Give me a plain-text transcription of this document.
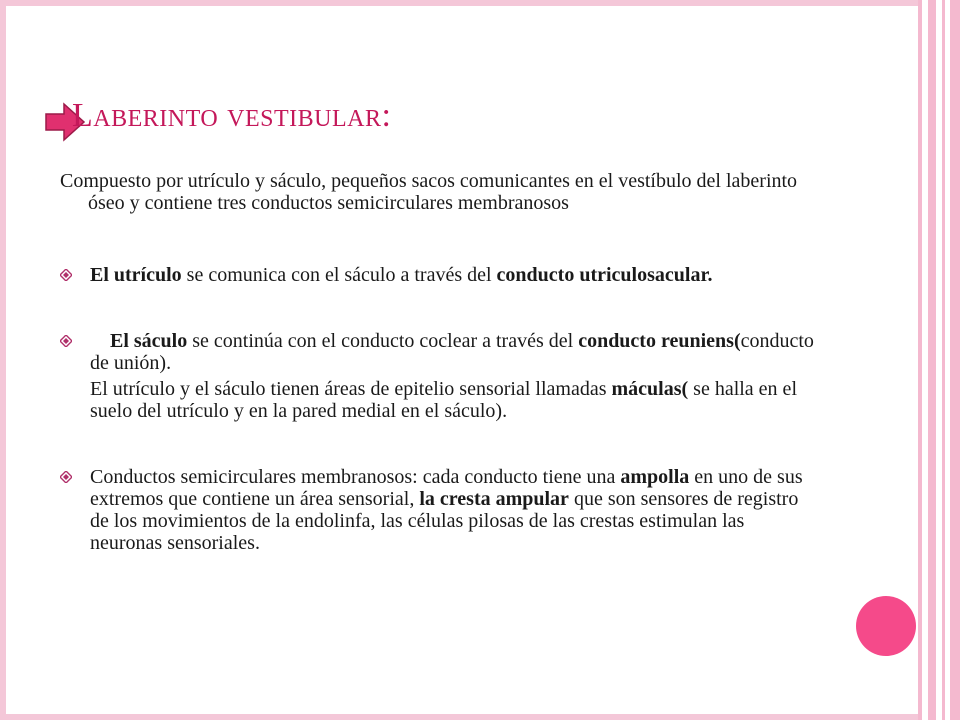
Laberinto vestibular:

Compuesto por utrículo y sáculo, pequeños sacos comunicantes en el vestíbulo del laberinto óseo y contiene tres conductos semicirculares membranosos

El utrículo se comunica con el sáculo a través del conducto utriculosacular.

El sáculo se continúa con el conducto coclear a través del conducto reuniens(conducto de unión).

El utrículo y el sáculo tienen áreas de epitelio sensorial llamadas máculas( se halla en el suelo del utrículo y en la pared medial en el sáculo).

Conductos semicirculares membranosos: cada conducto tiene una ampolla en uno de sus extremos que contiene un área sensorial, la cresta ampular que son sensores de registro de los movimientos de la endolinfa, las células pilosas de las crestas estimulan las neuronas sensoriales.
